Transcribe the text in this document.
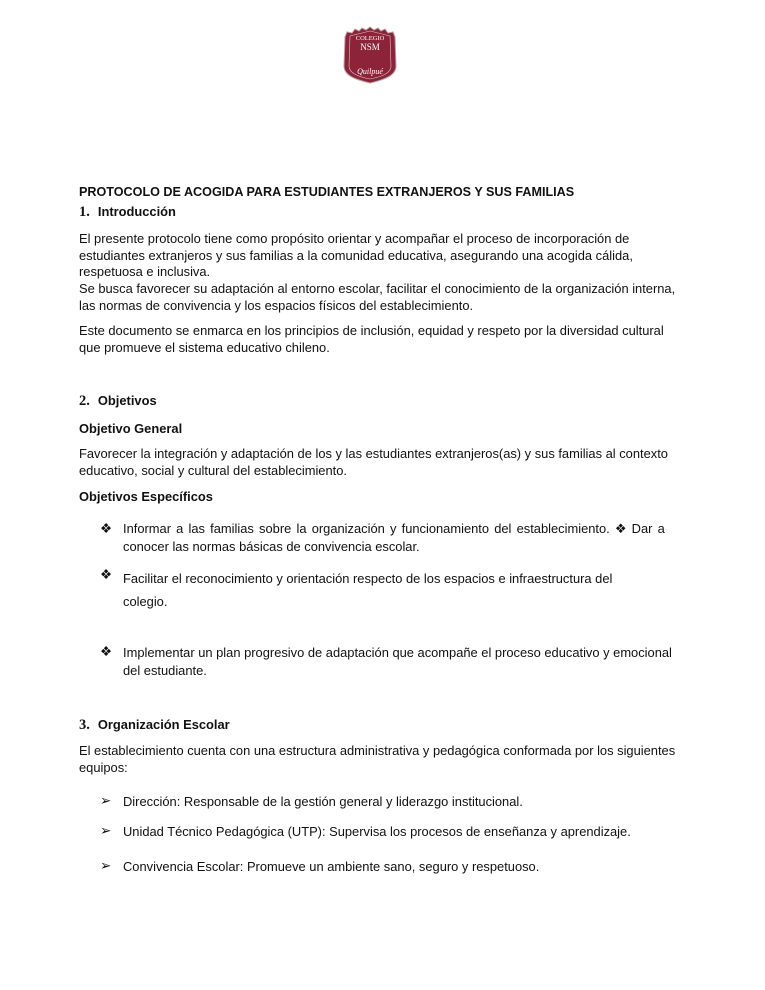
COLEGIO
NSM
Quilpué
PROTOCOLO DE ACOGIDA PARA ESTUDIANTES EXTRANJEROS Y SUS FAMILIAS
1. Introducción
El presente protocolo tiene como propósito orientar y acompañar el proceso de incorporación de
estudiantes extranjeros y sus familias a la comunidad educativa, asegurando una acogida cálida,
respetuosa e inclusiva.
Se busca favorecer su adaptación al entorno escolar, facilitar el conocimiento de la organización interna,
las normas de convivencia y los espacios físicos del establecimiento.
Este documento se enmarca en los principios de inclusión, equidad y respeto por la diversidad cultural
que promueve el sistema educativo chileno.
2. Objetivos
Objetivo General
Favorecer la integración y adaptación de los y las estudiantes extranjeros(as) y sus familias al contexto
educativo, social y cultural del establecimiento.
Objetivos Específicos
❖ Informar a las familias sobre la organización y funcionamiento del establecimiento. ❖ Dar a
conocer las normas básicas de convivencia escolar.
❖ Facilitar el reconocimiento y orientación respecto de los espacios e infraestructura del
colegio.
❖ Implementar un plan progresivo de adaptación que acompañe el proceso educativo y emocional
del estudiante.
3. Organización Escolar
El establecimiento cuenta con una estructura administrativa y pedagógica conformada por los siguientes
equipos:
➢ Dirección: Responsable de la gestión general y liderazgo institucional.
➢ Unidad Técnico Pedagógica (UTP): Supervisa los procesos de enseñanza y aprendizaje.
➢ Convivencia Escolar: Promueve un ambiente sano, seguro y respetuoso.
